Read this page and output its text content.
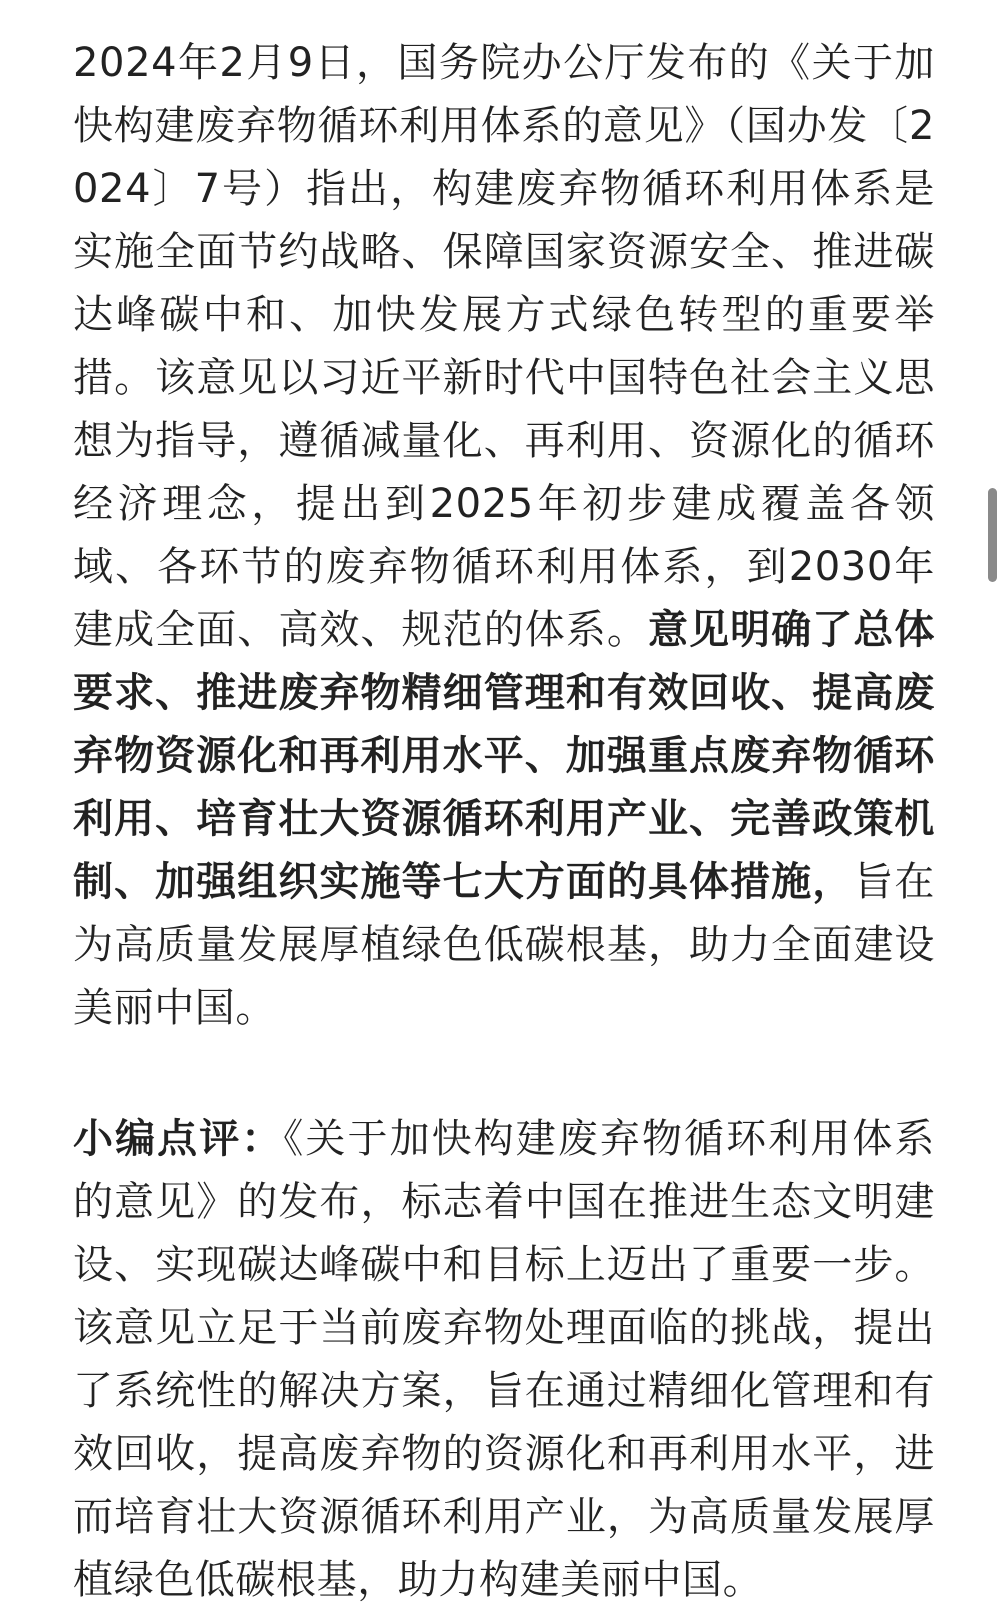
2024年2月9日，国务院办公厅发布的《关于加快构建废弃物循环利用体系的意见》（国办发〔2024〕7号）指出，构建废弃物循环利用体系是实施全面节约战略、保障国家资源安全、推进碳达峰碳中和、加快发展方式绿色转型的重要举措。该意见以习近平新时代中国特色社会主义思想为指导，遵循减量化、再利用、资源化的循环经济理念，提出到2025年初步建成覆盖各领域、各环节的废弃物循环利用体系，到2030年建成全面、高效、规范的体系。意见明确了总体要求、推进废弃物精细管理和有效回收、提高废弃物资源化和再利用水平、加强重点废弃物循环利用、培育壮大资源循环利用产业、完善政策机制、加强组织实施等七大方面的具体措施，旨在为高质量发展厚植绿色低碳根基，助力全面建设美丽中国。

小编点评：《关于加快构建废弃物循环利用体系的意见》的发布，标志着中国在推进生态文明建设、实现碳达峰碳中和目标上迈出了重要一步。该意见立足于当前废弃物处理面临的挑战，提出了系统性的解决方案，旨在通过精细化管理和有效回收，提高废弃物的资源化和再利用水平，进而培育壮大资源循环利用产业，为高质量发展厚植绿色低碳根基，助力构建美丽中国。
